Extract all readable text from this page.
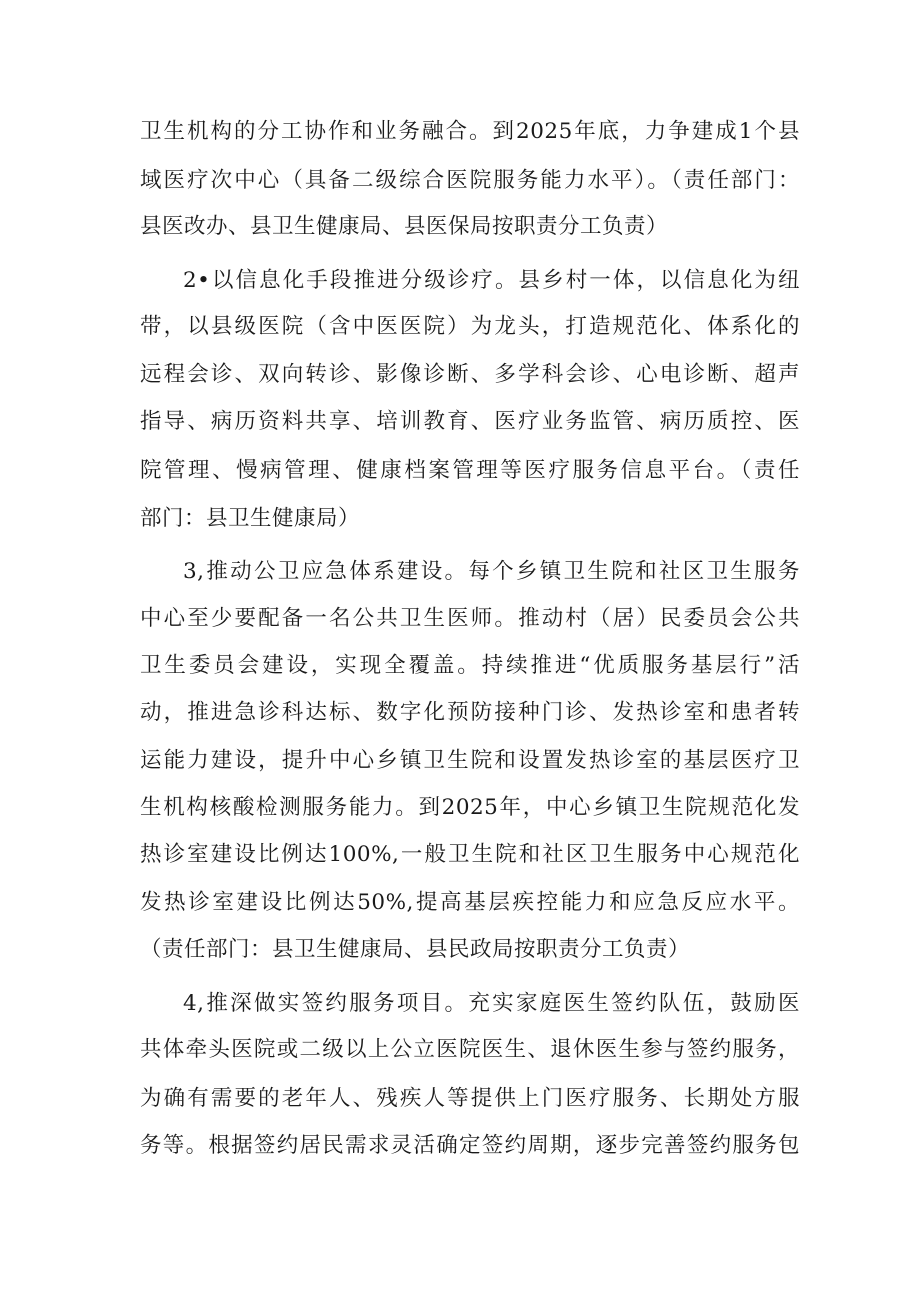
卫生机构的分工协作和业务融合。到2025年底，力争建成1个县
域医疗次中心（具备二级综合医院服务能力水平）。（责任部门：
县医改办、县卫生健康局、县医保局按职责分工负责）
2•以信息化手段推进分级诊疗。县乡村一体，以信息化为纽
带，以县级医院（含中医医院）为龙头，打造规范化、体系化的
远程会诊、双向转诊、影像诊断、多学科会诊、心电诊断、超声
指导、病历资料共享、培训教育、医疗业务监管、病历质控、医
院管理、慢病管理、健康档案管理等医疗服务信息平台。（责任
部门：县卫生健康局）
3,推动公卫应急体系建设。每个乡镇卫生院和社区卫生服务
中心至少要配备一名公共卫生医师。推动村（居）民委员会公共
卫生委员会建设，实现全覆盖。持续推进“优质服务基层行”活
动，推进急诊科达标、数字化预防接种门诊、发热诊室和患者转
运能力建设，提升中心乡镇卫生院和设置发热诊室的基层医疗卫
生机构核酸检测服务能力。到2025年，中心乡镇卫生院规范化发
热诊室建设比例达100%,一般卫生院和社区卫生服务中心规范化
发热诊室建设比例达50%,提高基层疾控能力和应急反应水平。
（责任部门：县卫生健康局、县民政局按职责分工负责）
4,推深做实签约服务项目。充实家庭医生签约队伍，鼓励医
共体牵头医院或二级以上公立医院医生、退休医生参与签约服务，
为确有需要的老年人、残疾人等提供上门医疗服务、长期处方服
务等。根据签约居民需求灵活确定签约周期，逐步完善签约服务包
